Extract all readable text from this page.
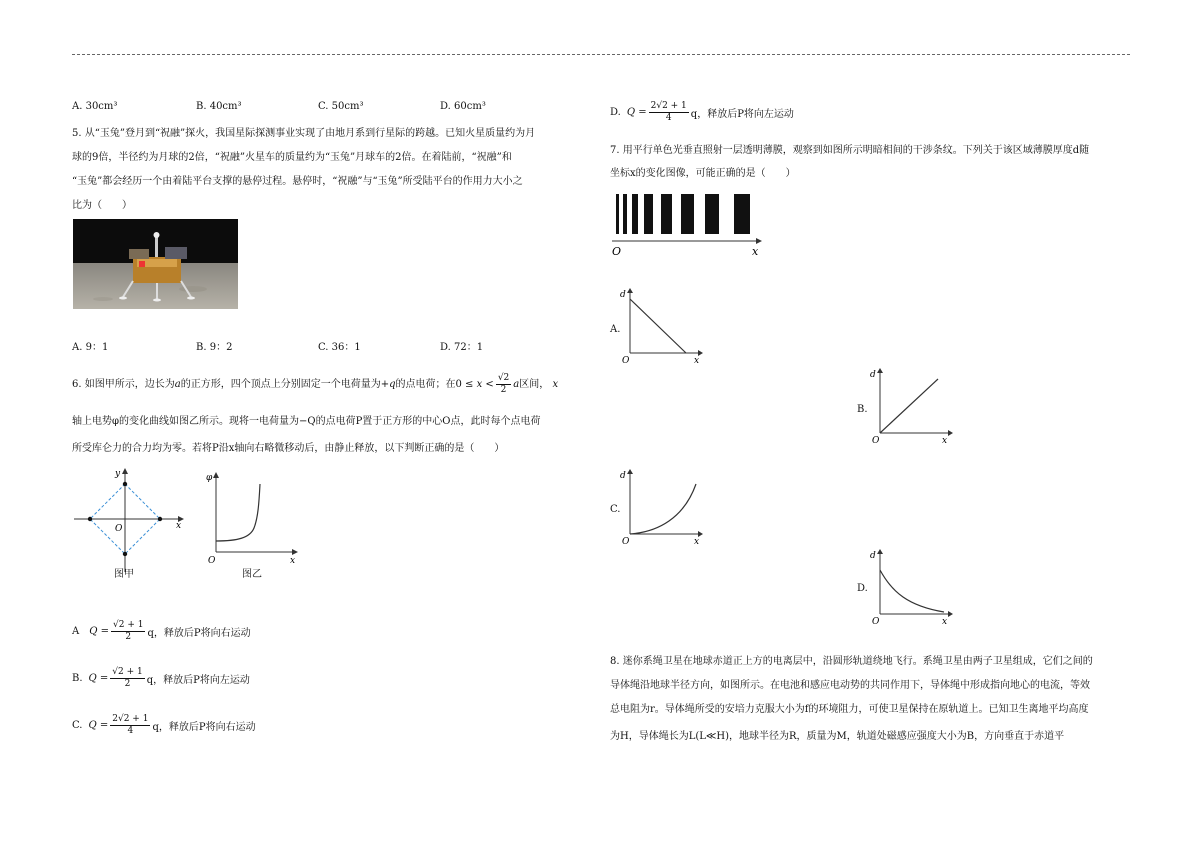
A. 30cm³	B. 40cm³	C. 50cm³	D. 60cm³
5. 从“玉兔”登月到“祝融”探火，我国星际探测事业实现了由地月系到行星际的跨越。已知火星质量约为月
球的9倍，半径约为月球的2倍，“祝融”火星车的质量约为“玉兔”月球车的2倍。在着陆前，“祝融”和
“玉兔”都会经历一个由着陆平台支撑的悬停过程。悬停时，“祝融”与“玉兔”所受陆平台的作用力大小之
比为（　　）
A. 9：1	B. 9：2	C. 36：1	D. 72：1
6. 如图甲所示，边长为a的正方形，四个顶点上分别固定一个电荷量为+q的点电荷；在$0 \le x < \frac{√2}{2}$ a区间， x
轴上电势φ的变化曲线如图乙所示。现将一电荷量为−Q的点电荷P置于正方形的中心O点，此时每个点电荷
所受库仑力的合力均为零。若将P沿x轴向右略微移动后，由静止释放，以下判断正确的是（　　）
y
O	x
图甲
φ
O	x
图乙
A $Q = \frac{√2 + 1}{2}$ q，释放后P将向右运动
B. $Q = \frac{√2 + 1}{2}$ q，释放后P将向左运动
C. $Q = \frac{2√2 + 1}{4}$ q，释放后P将向右运动
D. $Q = \frac{2√2 + 1}{4}$ q，释放后P将向左运动
7. 用平行单色光垂直照射一层透明薄膜，观察到如图所示明暗相间的干涉条纹。下列关于该区域薄膜厚度d随
坐标x的变化图像，可能正确的是（　　）
O	x
A.
d
O	x
B.
d
O	x
C.
d
O	x
D.
d
O	x
8. 迷你系绳卫星在地球赤道正上方的电离层中，沿圆形轨道绕地飞行。系绳卫星由两子卫星组成，它们之间的
导体绳沿地球半径方向，如图所示。在电池和感应电动势的共同作用下，导体绳中形成指向地心的电流，等效
总电阻为r。导体绳所受的安培力克服大小为f的环境阻力，可使卫星保持在原轨道上。已知卫生离地平均高度
为H，导体绳长为L(L≪H)，地球半径为R，质量为M，轨道处磁感应强度大小为B，方向垂直于赤道平
